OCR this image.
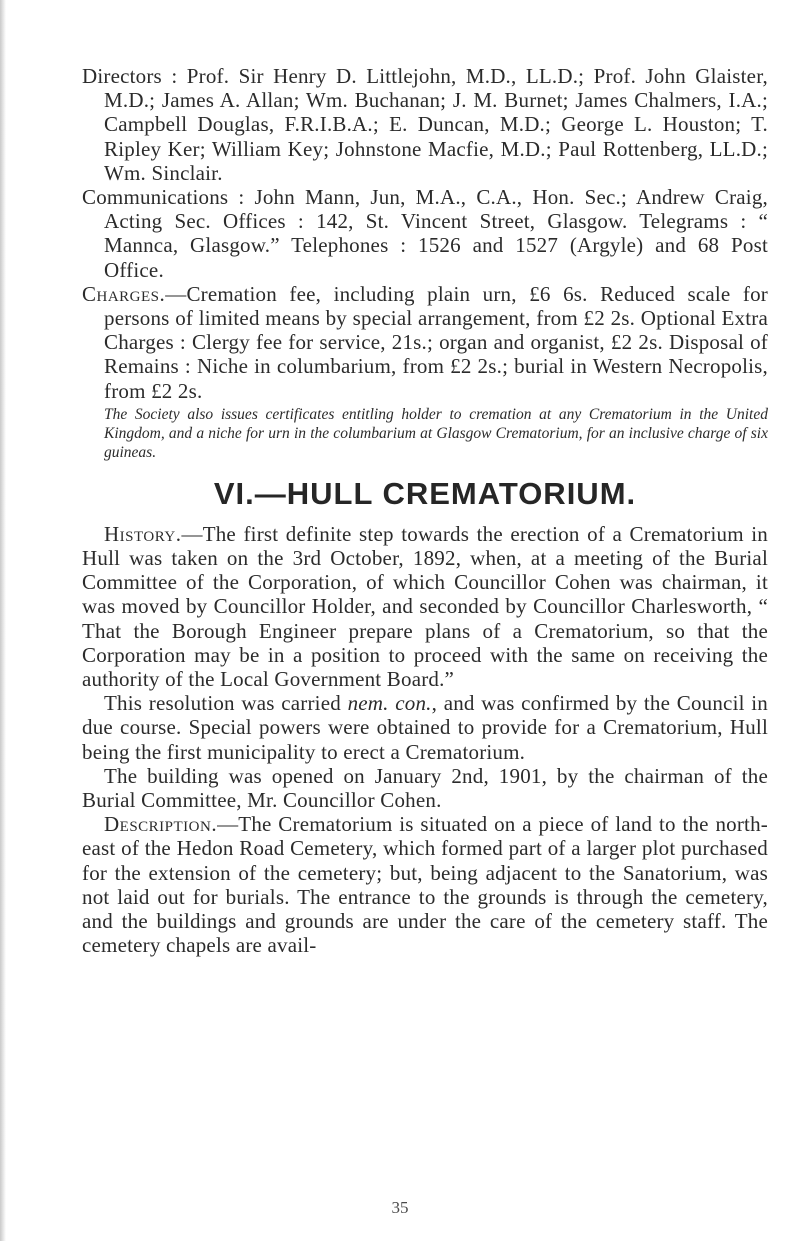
Directors : Prof. Sir Henry D. Littlejohn, M.D., LL.D.; Prof. John Glaister, M.D.; James A. Allan; Wm. Buchanan; J. M. Burnet; James Chalmers, I.A.; Campbell Douglas, F.R.I.B.A.; E. Duncan, M.D.; George L. Houston; T. Ripley Ker; William Key; Johnstone Macfie, M.D.; Paul Rottenberg, LL.D.; Wm. Sinclair.

Communications : John Mann, Jun, M.A., C.A., Hon. Sec.; Andrew Craig, Acting Sec. Offices : 142, St. Vincent Street, Glasgow. Telegrams : “ Mannca, Glasgow.” Telephones : 1526 and 1527 (Argyle) and 68 Post Office.

Charges.—Cremation fee, including plain urn, £6 6s. Reduced scale for persons of limited means by special arrangement, from £2 2s. Optional Extra Charges : Clergy fee for service, 21s.; organ and organist, £2 2s. Disposal of Remains : Niche in columbarium, from £2 2s.; burial in Western Necropolis, from £2 2s.

The Society also issues certificates entitling holder to cremation at any Crematorium in the United Kingdom, and a niche for urn in the columbarium at Glasgow Crematorium, for an inclusive charge of six guineas.

VI.—HULL CREMATORIUM.

History.—The first definite step towards the erection of a Crematorium in Hull was taken on the 3rd October, 1892, when, at a meeting of the Burial Committee of the Corporation, of which Councillor Cohen was chairman, it was moved by Councillor Holder, and seconded by Councillor Charlesworth, “ That the Borough Engineer prepare plans of a Crematorium, so that the Corporation may be in a position to proceed with the same on receiving the authority of the Local Government Board.”

This resolution was carried nem. con., and was confirmed by the Council in due course. Special powers were obtained to provide for a Crematorium, Hull being the first municipality to erect a Crematorium.

The building was opened on January 2nd, 1901, by the chairman of the Burial Committee, Mr. Councillor Cohen.

Description.—The Crematorium is situated on a piece of land to the north-east of the Hedon Road Cemetery, which formed part of a larger plot purchased for the extension of the cemetery; but, being adjacent to the Sanatorium, was not laid out for burials. The entrance to the grounds is through the cemetery, and the buildings and grounds are under the care of the cemetery staff. The cemetery chapels are avail-

35
